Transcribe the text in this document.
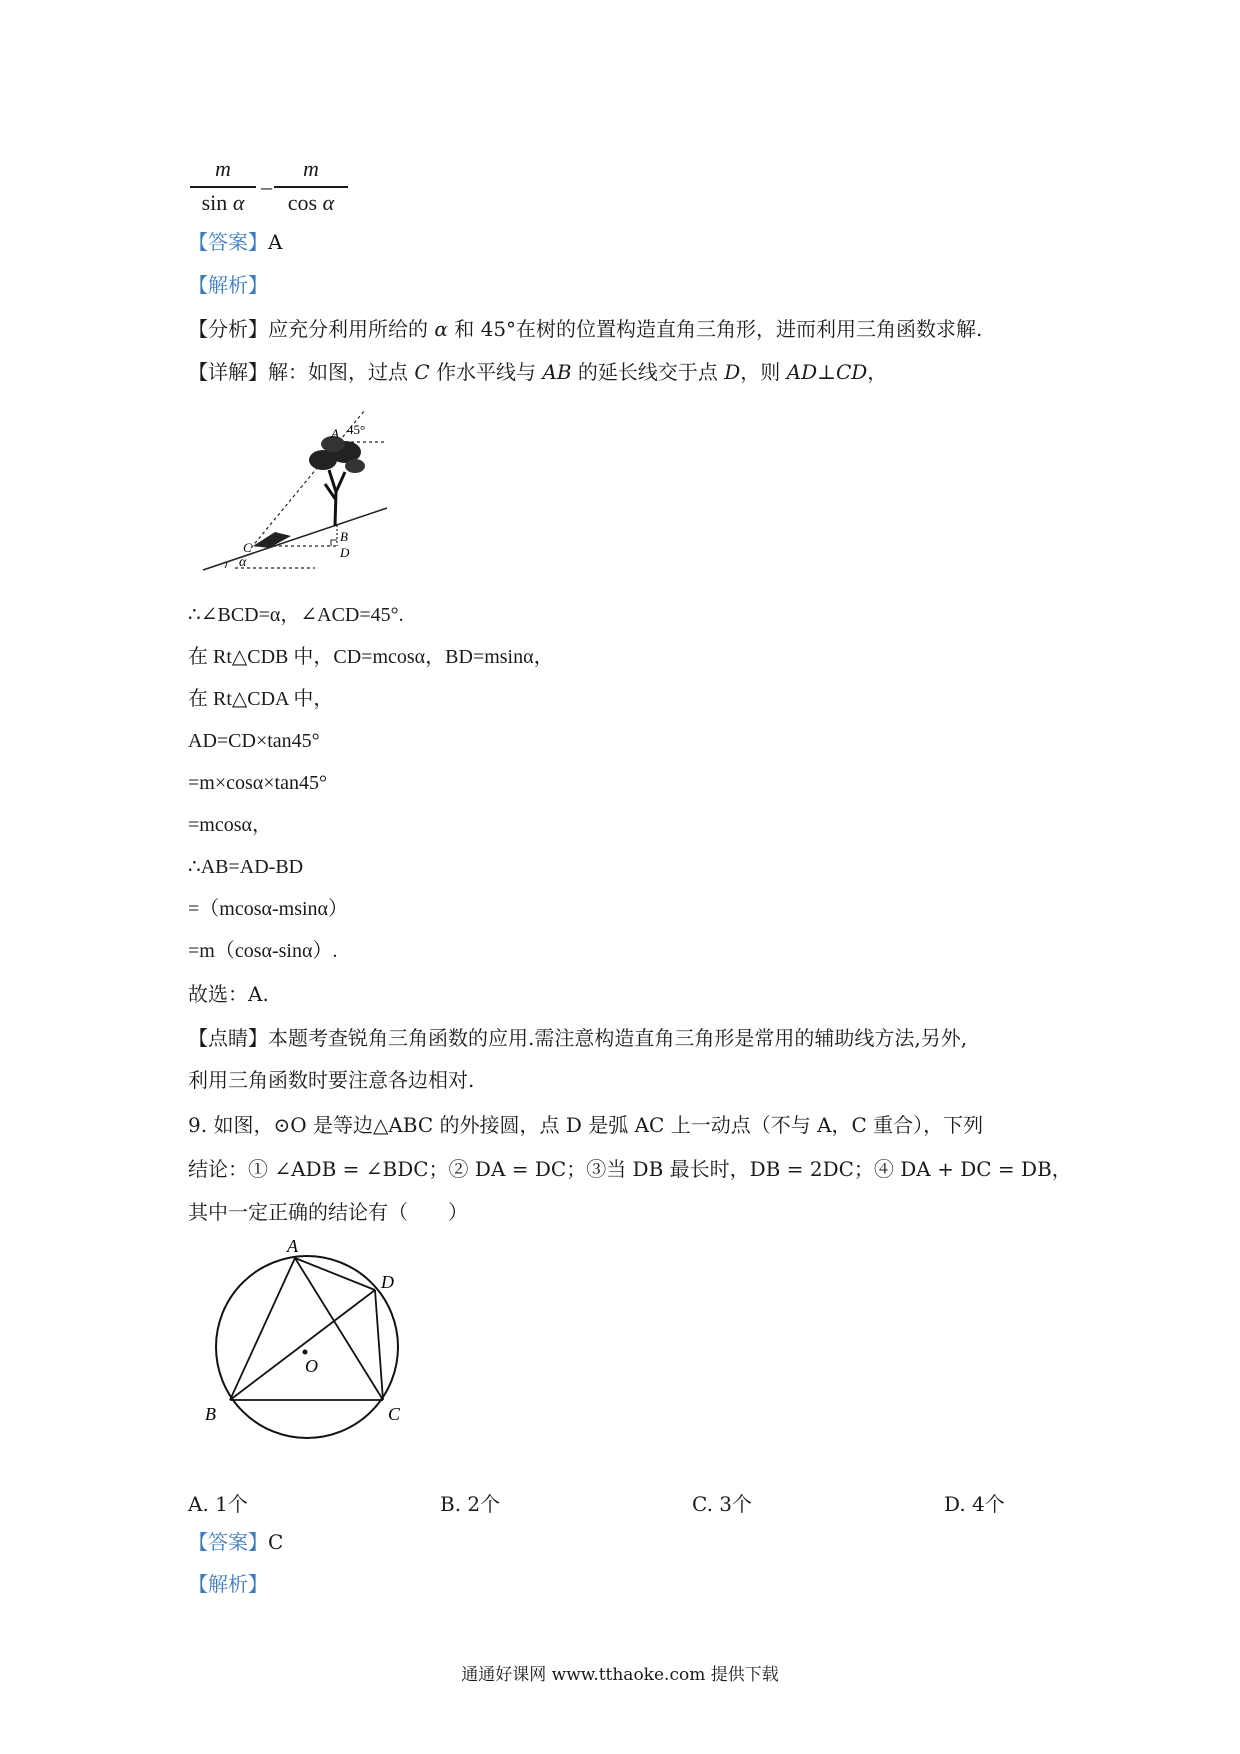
m
sin α
–
m
cos α
【答案】A
【解析】
【分析】应充分利用所给的 α 和 45°在树的位置构造直角三角形，进而利用三角函数求解.
【详解】解：如图，过点 C 作水平线与 AB 的延长线交于点 D，则 AD⊥CD，
45°
A
B
D
C
α
∴∠BCD=α，∠ACD=45°.
在 Rt△CDB 中，CD=mcosα，BD=msinα，
在 Rt△CDA 中，
AD=CD×tan45°
=m×cosα×tan45°
=mcosα，
∴AB=AD-BD
=（mcosα-msinα）
=m（cosα-sinα）.
故选：A.
【点睛】本题考查锐角三角函数的应用.需注意构造直角三角形是常用的辅助线方法,另外,
利用三角函数时要注意各边相对.
9. 如图，⊙O 是等边△ABC 的外接圆，点 D 是弧 AC 上一动点（不与 A，C 重合），下列
结论：① ∠ADB = ∠BDC；② DA = DC；③当 DB 最长时，DB = 2DC；④ DA + DC = DB，
其中一定正确的结论有（　　）
A
D
O
B	C
A. 1个	B. 2个	C. 3个	D. 4个
【答案】C
【解析】
通通好课网 www.tthaoke.com 提供下载
